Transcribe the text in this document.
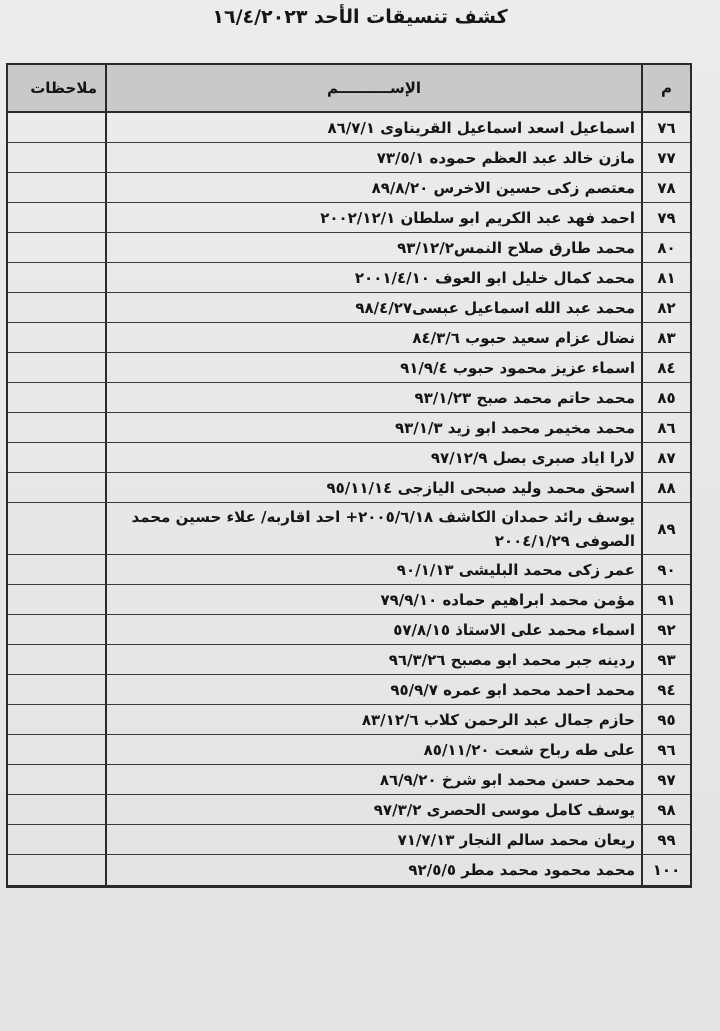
كشف تنسيقات الأحد ١٦/٤/٢٠٢٣
م
الإســــــــــم
ملاحظات
٧٦
اسماعيل اسعد اسماعيل القريناوى ٨٦/٧/١
٧٧
مازن خالد عبد العظم حموده ٧٣/٥/١
٧٨
معتصم زكى حسين الاخرس ٨٩/٨/٢٠
٧٩
احمد فهد عبد الكريم ابو سلطان ٢٠٠٢/١٢/١
٨٠
محمد طارق صلاح النمس٩٣/١٢/٢
٨١
محمد كمال خليل ابو العوف ٢٠٠١/٤/١٠
٨٢
محمد عبد الله اسماعيل عبسى٩٨/٤/٢٧
٨٣
نضال عزام سعيد حبوب ٨٤/٣/٦
٨٤
اسماء عزيز محمود حبوب ٩١/٩/٤
٨٥
محمد حاتم محمد صبح ٩٣/١/٢٣
٨٦
محمد مخيمر محمد ابو زيد ٩٣/١/٣
٨٧
لارا اياد صبرى بصل ٩٧/١٢/٩
٨٨
اسحق محمد وليد صبحى اليازجى ٩٥/١١/١٤
٨٩
يوسف رائد حمدان الكاشف ٢٠٠٥/٦/١٨+ احد اقاربه/ علاء حسين محمد الصوفى ٢٠٠٤/١/٢٩
٩٠
عمر زكى محمد البليشى ٩٠/١/١٣
٩١
مؤمن محمد ابراهيم حماده ٧٩/٩/١٠
٩٢
اسماء محمد على الاستاذ ٥٧/٨/١٥
٩٣
ردينه جبر محمد ابو مصبح ٩٦/٣/٢٦
٩٤
محمد احمد محمد ابو عمره ٩٥/٩/٧
٩٥
حازم جمال عبد الرحمن كلاب ٨٣/١٢/٦
٩٦
على طه رباح شعت ٨٥/١١/٢٠
٩٧
محمد حسن محمد ابو شرخ ٨٦/٩/٢٠
٩٨
يوسف كامل موسى الحصرى ٩٧/٣/٢
٩٩
ريعان محمد سالم النجار ٧١/٧/١٣
١٠٠
محمد محمود محمد مطر ٩٢/٥/٥
